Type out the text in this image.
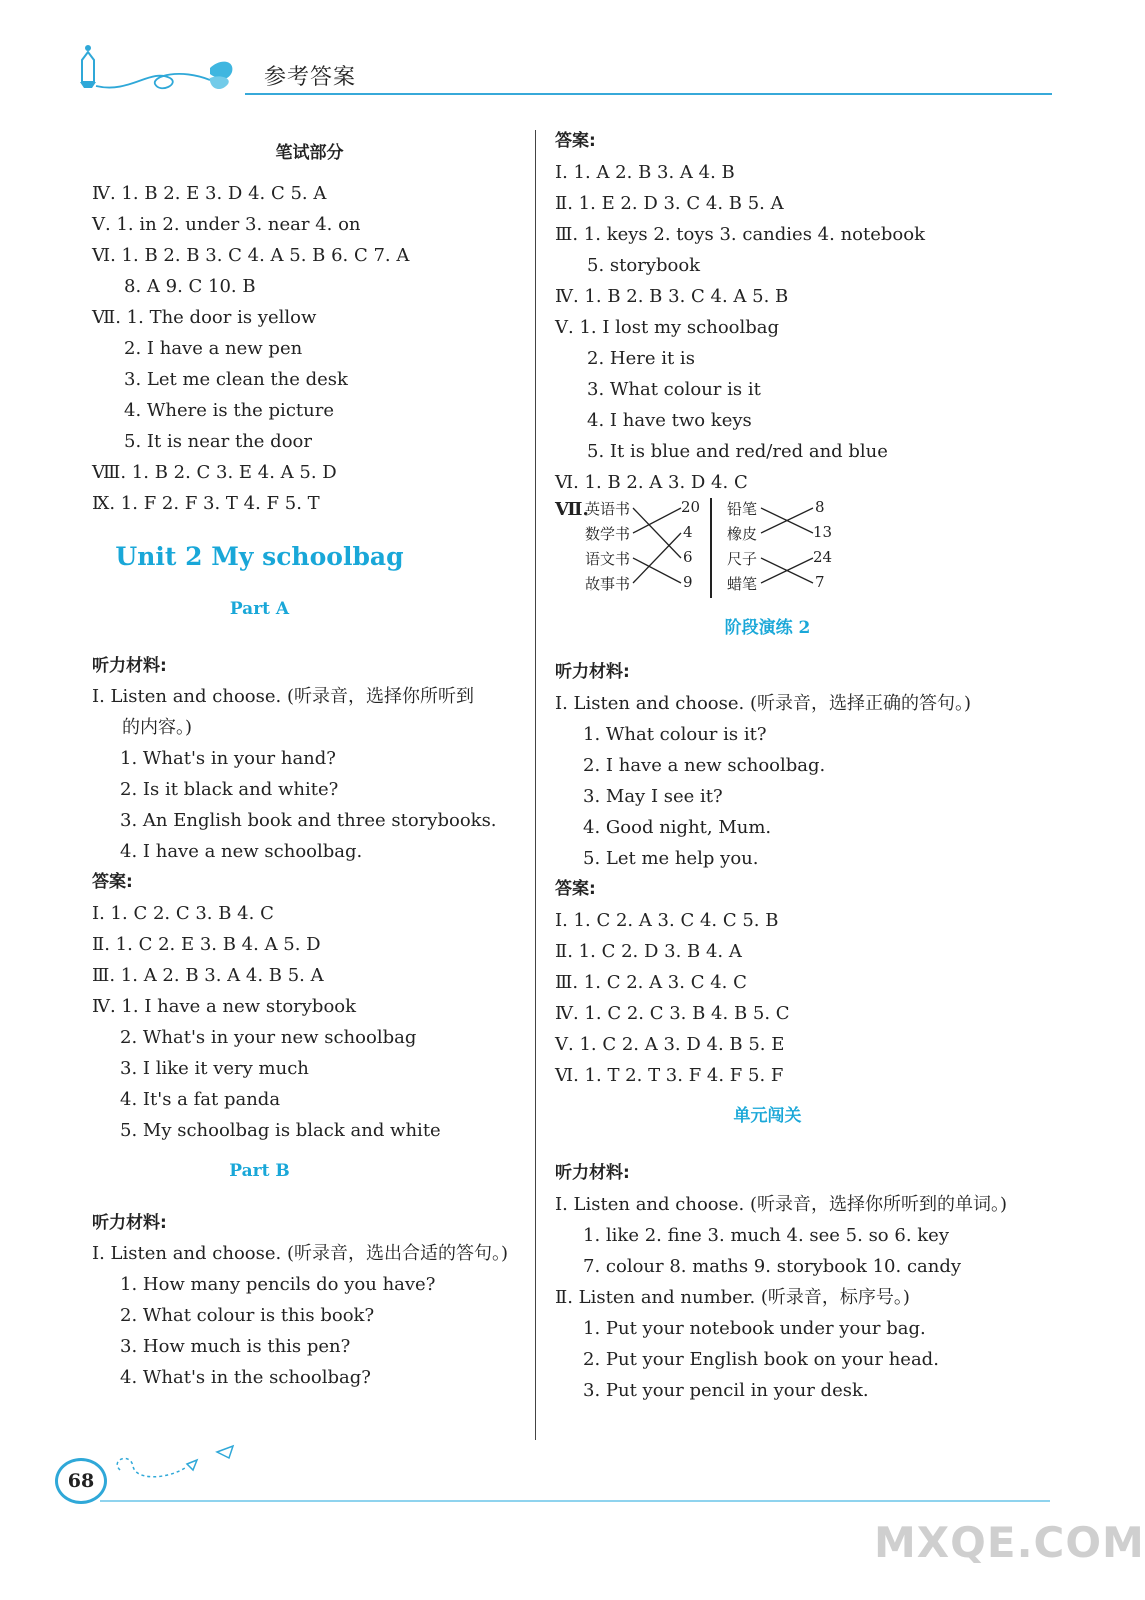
参考答案
笔试部分
Ⅳ. 1. B 2. E 3. D 4. C 5. A
Ⅴ. 1. in 2. under 3. near 4. on
Ⅵ. 1. B 2. B 3. C 4. A 5. B 6. C 7. A
8. A 9. C 10. B
Ⅶ. 1. The door is yellow
2. I have a new pen
3. Let me clean the desk
4. Where is the picture
5. It is near the door
Ⅷ. 1. B 2. C 3. E 4. A 5. D
Ⅸ. 1. F 2. F 3. T 4. F 5. T
Unit 2 My schoolbag
Part A
听力材料:
Ⅰ. Listen and choose. (听录音，选择你所听到
的内容。)
1. What's in your hand?
2. Is it black and white?
3. An English book and three storybooks.
4. I have a new schoolbag.
答案:
Ⅰ. 1. C 2. C 3. B 4. C
Ⅱ. 1. C 2. E 3. B 4. A 5. D
Ⅲ. 1. A 2. B 3. A 4. B 5. A
Ⅳ. 1. I have a new storybook
2. What's in your new schoolbag
3. I like it very much
4. It's a fat panda
5. My schoolbag is black and white
Part B
听力材料:
Ⅰ. Listen and choose. (听录音，选出合适的答句。)
1. How many pencils do you have?
2. What colour is this book?
3. How much is this pen?
4. What's in the schoolbag?
答案:
Ⅰ. 1. A 2. B 3. A 4. B
Ⅱ. 1. E 2. D 3. C 4. B 5. A
Ⅲ. 1. keys 2. toys 3. candies 4. notebook
5. storybook
Ⅳ. 1. B 2. B 3. C 4. A 5. B
Ⅴ. 1. I lost my schoolbag
2. Here it is
3. What colour is it
4. I have two keys
5. It is blue and red/red and blue
Ⅵ. 1. B 2. A 3. D 4. C
Ⅶ.
英语书
数学书
语文书
故事书
20
4
6
9
铅笔
橡皮
尺子
蜡笔
8
13
24
7
阶段演练 2
听力材料:
Ⅰ. Listen and choose. (听录音，选择正确的答句。)
1. What colour is it?
2. I have a new schoolbag.
3. May I see it?
4. Good night, Mum.
5. Let me help you.
答案:
Ⅰ. 1. C 2. A 3. C 4. C 5. B
Ⅱ. 1. C 2. D 3. B 4. A
Ⅲ. 1. C 2. A 3. C 4. C
Ⅳ. 1. C 2. C 3. B 4. B 5. C
Ⅴ. 1. C 2. A 3. D 4. B 5. E
Ⅵ. 1. T 2. T 3. F 4. F 5. F
单元闯关
听力材料:
Ⅰ. Listen and choose. (听录音，选择你所听到的单词。)
1. like 2. fine 3. much 4. see 5. so 6. key
7. colour 8. maths 9. storybook 10. candy
Ⅱ. Listen and number. (听录音，标序号。)
1. Put your notebook under your bag.
2. Put your English book on your head.
3. Put your pencil in your desk.
68
MXQE.COM
